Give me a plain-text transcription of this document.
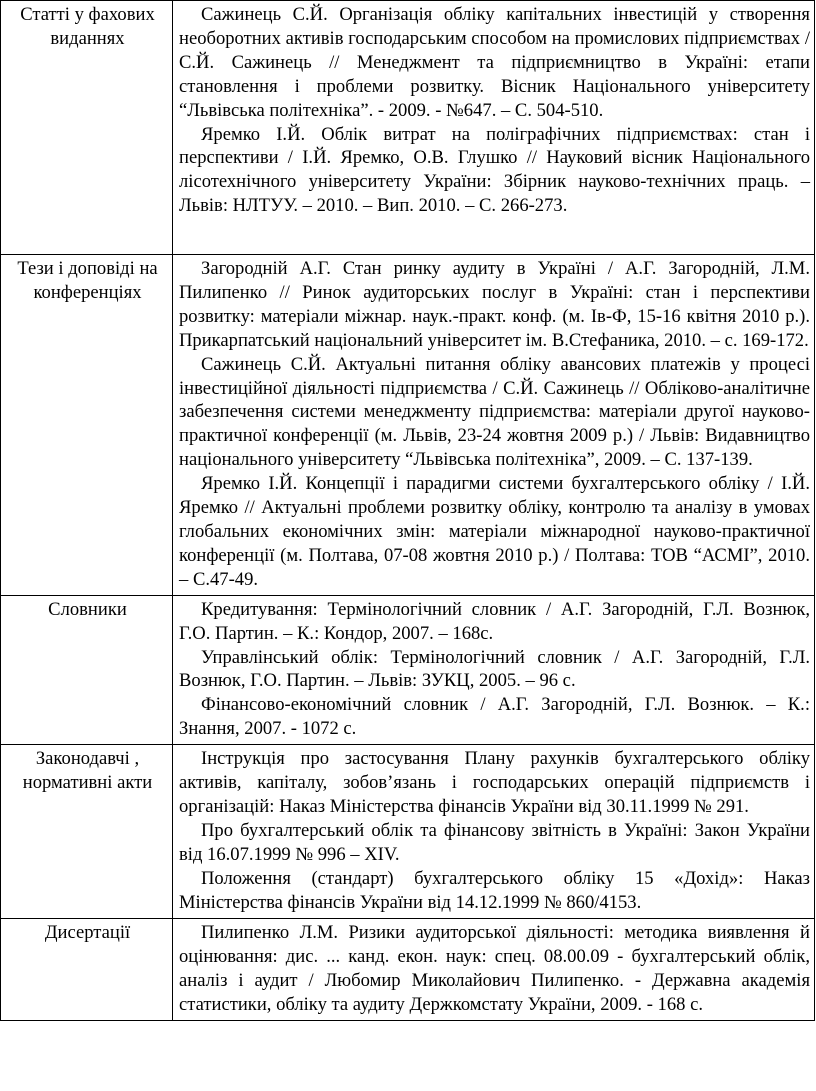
Статті у фахових виданнях	Сажинець С.Й. Організація обліку капітальних інвестицій у створення необоротних активів господарським способом на промислових підприємствах / С.Й. Сажинець // Менеджмент та підприємництво в Україні: етапи становлення і проблеми розвитку. Вісник Національного університету “Львівська політехніка”. - 2009. - №647. – С. 504-510.

Яремко І.Й. Облік витрат на поліграфічних підприємствах: стан і перспективи / І.Й. Яремко, О.В. Глушко // Науковий вісник Національного лісотехнічного університету України: Збірник науково-технічних праць. – Львів: НЛТУУ. – 2010. – Вип. 2010. – С. 266-273.

Тези і доповіді на конференціях	Загородній А.Г. Стан ринку аудиту в Україні / А.Г. Загородній, Л.М. Пилипенко // Ринок аудиторських послуг в Україні: стан і перспективи розвитку: матеріали міжнар. наук.-практ. конф. (м. Ів-Ф, 15-16 квітня 2010 р.). Прикарпатський національний університет ім. В.Стефаника, 2010. – с. 169-172.

Сажинець С.Й. Актуальні питання обліку авансових платежів у процесі інвестиційної діяльності підприємства / С.Й. Сажинець // Обліково-аналітичне забезпечення системи менеджменту підприємства: матеріали другої науково-практичної конференції (м. Львів, 23-24 жовтня 2009 р.) / Львів: Видавництво національного університету “Львівська політехніка”, 2009. – С. 137-139.

Яремко І.Й. Концепції і парадигми системи бухгалтерського обліку / І.Й. Яремко // Актуальні проблеми розвитку обліку, контролю та аналізу в умовах глобальних економічних змін: матеріали міжнародної науково-практичної конференції (м. Полтава, 07-08 жовтня 2010 р.) / Полтава: ТОВ “АСМІ”, 2010. – С.47-49.

Словники	Кредитування: Термінологічний словник / А.Г. Загородній, Г.Л. Вознюк, Г.О. Партин. – К.: Кондор, 2007. – 168с.

Управлінський облік: Термінологічний словник / А.Г. Загородній, Г.Л. Вознюк, Г.О. Партин. – Львів: ЗУКЦ, 2005. – 96 с.

Фінансово-економічний словник / А.Г. Загородній, Г.Л. Вознюк. – К.: Знання, 2007. - 1072 с.

Законодавчі , нормативні акти	Інструкція про застосування Плану рахунків бухгалтерського обліку активів, капіталу, зобов’язань і господарських операцій підприємств і організацій: Наказ Міністерства фінансів України від 30.11.1999 № 291.

Про бухгалтерський облік та фінансову звітність в Україні: Закон України від 16.07.1999 № 996 – XIV.

Положення (стандарт) бухгалтерського обліку 15 «Дохід»: Наказ Міністерства фінансів України від 14.12.1999 № 860/4153.

Дисертації	Пилипенко Л.М. Ризики аудиторської діяльності: методика виявлення й оцінювання: дис. ... канд. екон. наук: спец. 08.00.09 - бухгалтерський облік, аналіз і аудит / Любомир Миколайович Пилипенко. - Державна академія статистики, обліку та аудиту Держкомстату України, 2009. - 168 с.
